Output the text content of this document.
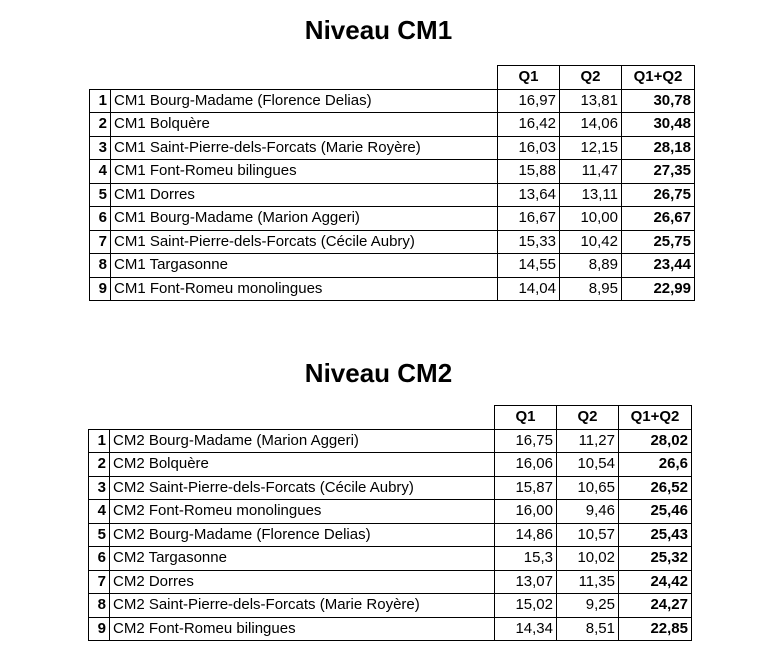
Niveau CM1
		Q1	Q2	Q1+Q2
1	CM1 Bourg-Madame (Florence Delias)	16,97	13,81	30,78
2	CM1 Bolquère	16,42	14,06	30,48
3	CM1 Saint-Pierre-dels-Forcats (Marie Royère)	16,03	12,15	28,18
4	CM1 Font-Romeu bilingues	15,88	11,47	27,35
5	CM1 Dorres	13,64	13,11	26,75
6	CM1 Bourg-Madame (Marion Aggeri)	16,67	10,00	26,67
7	CM1 Saint-Pierre-dels-Forcats (Cécile Aubry)	15,33	10,42	25,75
8	CM1 Targasonne	14,55	8,89	23,44
9	CM1 Font-Romeu monolingues	14,04	8,95	22,99
Niveau CM2
		Q1	Q2	Q1+Q2
1	CM2 Bourg-Madame (Marion Aggeri)	16,75	11,27	28,02
2	CM2 Bolquère	16,06	10,54	26,6
3	CM2 Saint-Pierre-dels-Forcats (Cécile Aubry)	15,87	10,65	26,52
4	CM2 Font-Romeu monolingues	16,00	9,46	25,46
5	CM2 Bourg-Madame (Florence Delias)	14,86	10,57	25,43
6	CM2 Targasonne	15,3	10,02	25,32
7	CM2 Dorres	13,07	11,35	24,42
8	CM2 Saint-Pierre-dels-Forcats (Marie Royère)	15,02	9,25	24,27
9	CM2 Font-Romeu bilingues	14,34	8,51	22,85
